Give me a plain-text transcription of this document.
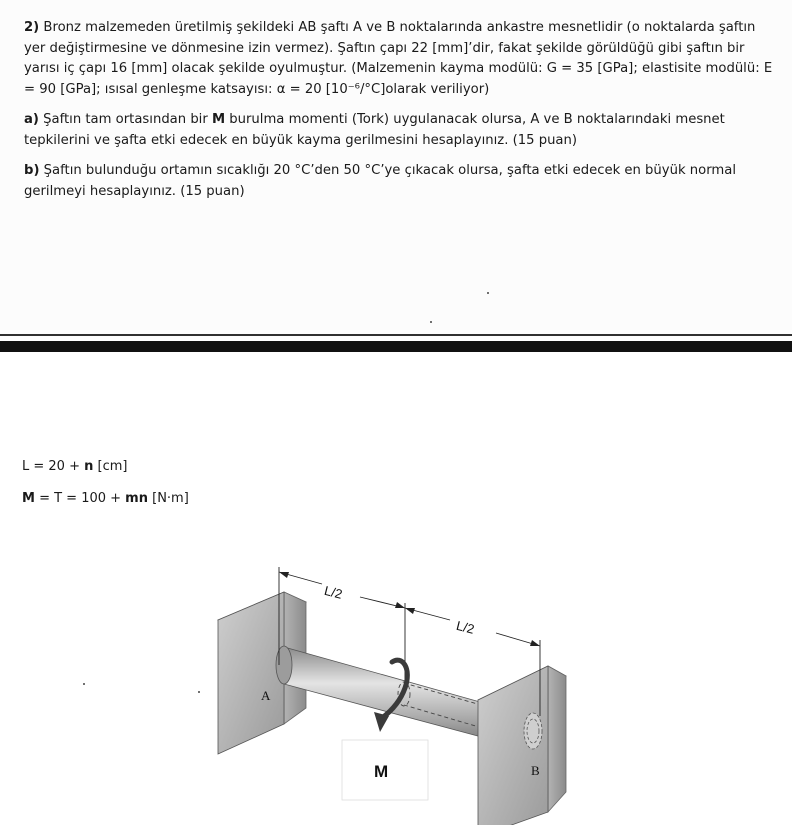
2) Bronz malzemeden üretilmiş şekildeki AB şaftı A ve B noktalarında ankastre mesnetlidir (o noktalarda şaftın yer değiştirmesine ve dönmesine izin vermez). Şaftın çapı 22 [mm]’dir, fakat şekilde görüldüğü gibi şaftın bir yarısı iç çapı 16 [mm] olacak şekilde oyulmuştur. (Malzemenin kayma modülü: G = 35 [GPa]; elastisite modülü: E = 90 [GPa]; ısısal genleşme katsayısı: α = 20 [10⁻⁶/°C]olarak veriliyor)

a) Şaftın tam ortasından bir M burulma momenti (Tork) uygulanacak olursa, A ve B noktalarındaki mesnet tepkilerini ve şafta etki edecek en büyük kayma gerilmesini hesaplayınız. (15 puan)

b) Şaftın bulunduğu ortamın sıcaklığı 20 °C’den 50 °C’ye çıkacak olursa, şafta etki edecek en büyük normal gerilmeyi hesaplayınız. (15 puan)

L = 20 + n [cm]
M = T = 100 + mn [N·m]
L/2
L/2
M
A
B
